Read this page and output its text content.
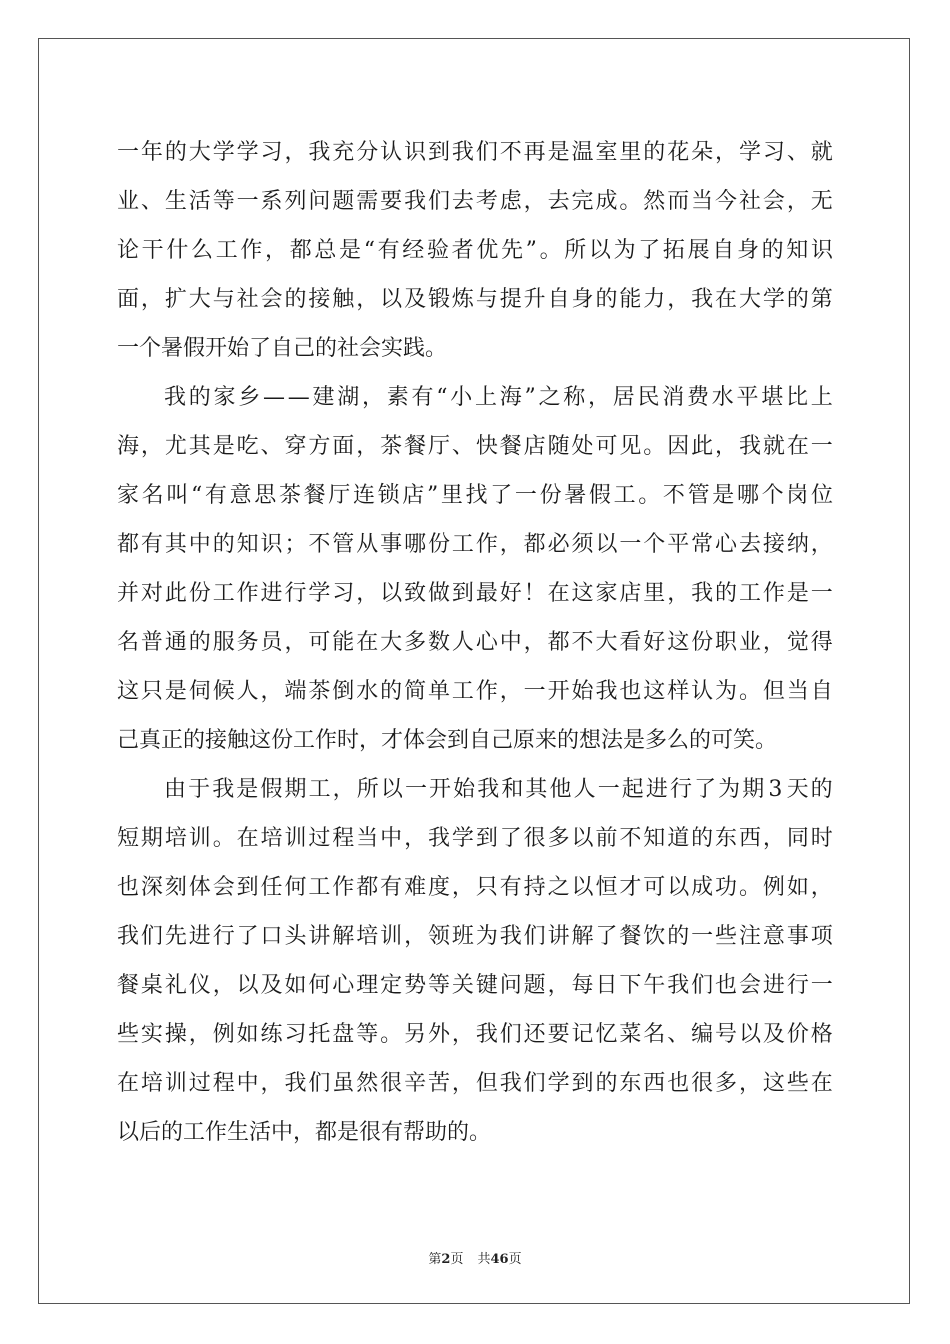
一 年 的 大 学 学 习 ， 我 充 分 认 识 到 我 们 不 再 是 温 室 里 的 花 朵 ， 学 习 、 就
业 、 生 活 等 一 系 列 问 题 需 要 我 们 去 考 虑 ， 去 完 成 。 然 而 当 今 社 会 ， 无
论 干 什 么 工 作 ， 都 总 是 “ 有 经 验 者 优 先 ” 。 所 以 为 了 拓 展 自 身 的 知 识
面 ， 扩 大 与 社 会 的 接 触 ， 以 及 锻 炼 与 提 升 自 身 的 能 力 ， 我 在 大 学 的 第
一个暑假开始了自己的社会实践。
我 的 家 乡 — — 建 湖 ， 素 有 “ 小 上 海 ” 之 称 ， 居 民 消 费 水 平 堪 比 上
海 ， 尤 其 是 吃 、 穿 方 面 ， 茶 餐 厅 、 快 餐 店 随 处 可 见 。 因 此 ， 我 就 在 一
家 名 叫 “ 有 意 思 茶 餐 厅 连 锁 店 ” 里 找 了 一 份 暑 假 工 。 不 管 是 哪 个 岗 位
都 有 其 中 的 知 识 ； 不 管 从 事 哪 份 工 作 ， 都 必 须 以 一 个 平 常 心 去 接 纳 ，
并 对 此 份 工 作 进 行 学 习 ， 以 致 做 到 最 好 ！ 在 这 家 店 里 ， 我 的 工 作 是 一
名 普 通 的 服 务 员 ， 可 能 在 大 多 数 人 心 中 ， 都 不 大 看 好 这 份 职 业 ， 觉 得
这 只 是 伺 候 人 ， 端 茶 倒 水 的 简 单 工 作 ， 一 开 始 我 也 这 样 认 为 。 但 当 自
己真正的接触这份工作时，才体会到自己原来的想法是多么的可笑。
由 于 我 是 假 期 工 ， 所 以 一 开 始 我 和 其 他 人 一 起 进 行 了 为 期 3 天 的
短 期 培 训 。 在 培 训 过 程 当 中 ， 我 学 到 了 很 多 以 前 不 知 道 的 东 西 ， 同 时
也 深 刻 体 会 到 任 何 工 作 都 有 难 度 ， 只 有 持 之 以 恒 才 可 以 成 功 。 例 如 ，
我 们 先 进 行 了 口 头 讲 解 培 训 ， 领 班 为 我 们 讲 解 了 餐 饮 的 一 些 注 意 事 项
餐 桌 礼 仪 ， 以 及 如 何 心 理 定 势 等 关 键 问 题 ， 每 日 下 午 我 们 也 会 进 行 一
些 实 操 ， 例 如 练 习 托 盘 等 。 另 外 ， 我 们 还 要 记 忆 菜 名 、 编 号 以 及 价 格
在 培 训 过 程 中 ， 我 们 虽 然 很 辛 苦 ， 但 我 们 学 到 的 东 西 也 很 多 ， 这 些 在
以后的工作生活中，都是很有帮助的。
第2页 共46页
